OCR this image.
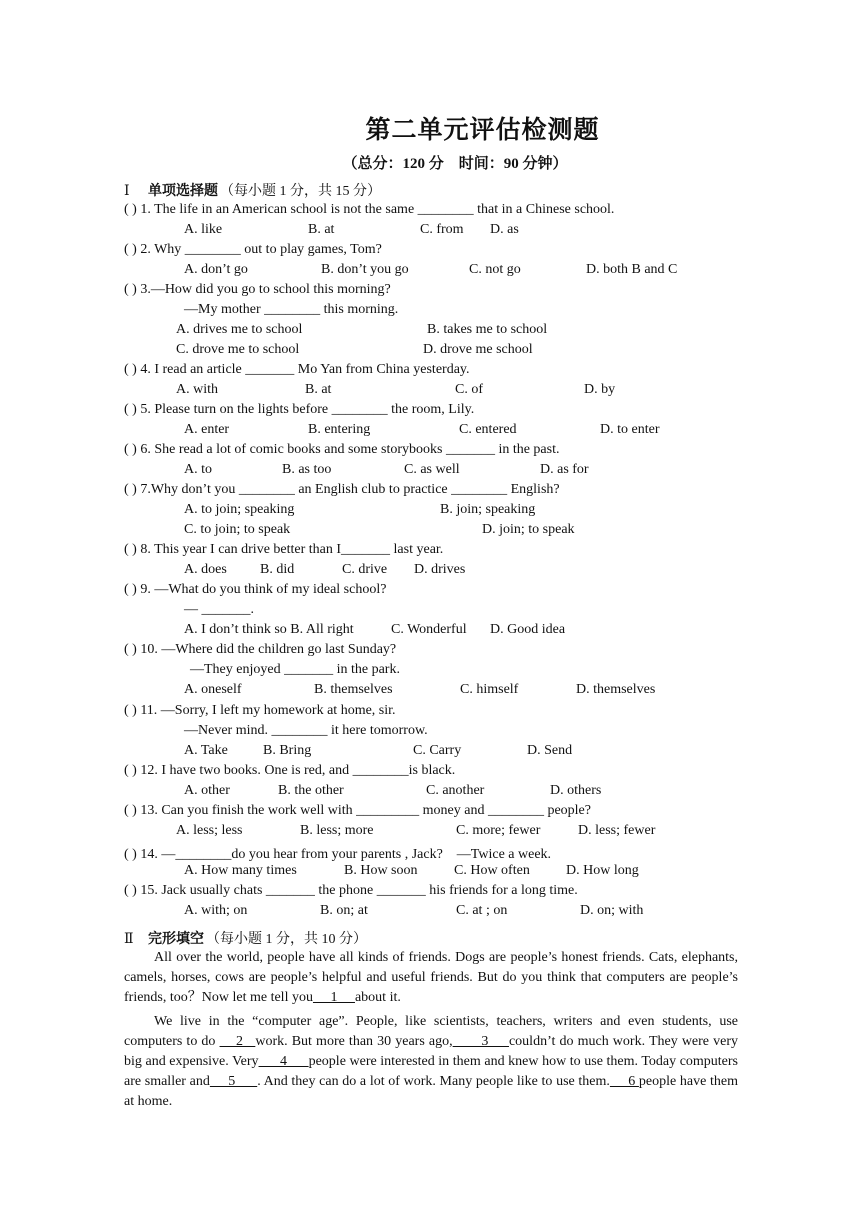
第二单元评估检测题
（总分：120 分　时间：90 分钟）
Ⅰ 单项选择题 （每小题 1 分，共 15 分）
( ) 1. The life in an American school is not the same ________ that in a Chinese school.
A. like	B. at	C. from D. as
( ) 2. Why ________ out to play games, Tom?
A. don’t go	B. don’t you go	C. not go	D. both B and C
( ) 3.—How did you go to school this morning?
—My mother ________ this morning.
A. drives me to school	B. takes me to school
C. drove me to school	D. drove me school
( ) 4. I read an article _______ Mo Yan from China yesterday.
A. with	B. at	C. of	D. by
( ) 5. Please turn on the lights before ________ the room, Lily.
A. enter	B. entering	C. entered	D. to enter
( ) 6. She read a lot of comic books and some storybooks _______ in the past.
A. to	B. as too	C. as well	D. as for
( ) 7.Why don’t you ________ an English club to practice ________ English?
A. to join; speaking	B. join; speaking
C. to join; to speak	D. join; to speak
( ) 8. This year I can drive better than I_______ last year.
A. does B. did	C. drive D. drives
( ) 9. —What do you think of my ideal school?
— _______.
A. I don’t think so B. All right	C. Wonderful D. Good idea
( ) 10. —Where did the children go last Sunday?
—They enjoyed _______ in the park.
A. oneself	B. themselves	C. himself	D. themselves
( ) 11. —Sorry, I left my homework at home, sir.
—Never mind. ________ it here tomorrow.
A. Take	B. Bring	C. Carry	D. Send
( ) 12. I have two books. One is red, and ________is black.
A. other	B. the other	C. another	D. others
( ) 13. Can you finish the work well with _________ money and ________ people?
A. less; less	B. less; more	C. more; fewer	D. less; fewer
( ) 14. —________do you hear from your parents , Jack?　—Twice a week.
A. How many times	B. How soon	C. How often	D. How long
( ) 15. Jack usually chats _______ the phone _______ his friends for a long time.
A. with; on	B. on; at	C. at ; on	D. on; with
Ⅱ 完形填空 （每小题 1 分，共 10 分）
All over the world, people have all kinds of friends. Dogs are people’s honest friends. Cats, elephants, camels, horses, cows are people’s helpful and useful friends. But do you think that computers are people’s friends, too？Now let me tell you     1     about it.
We live in the “computer age”. People, like scientists, teachers, writers and even students, use computers to do     2   work. But more than 30 years ago,       3     couldn’t do much work. They were very big and expensive. Very      4      people were interested in them and knew how to use them. Today computers are smaller and     5      . And they can do a lot of work. Many people like to use them.     6 people have them at home.
